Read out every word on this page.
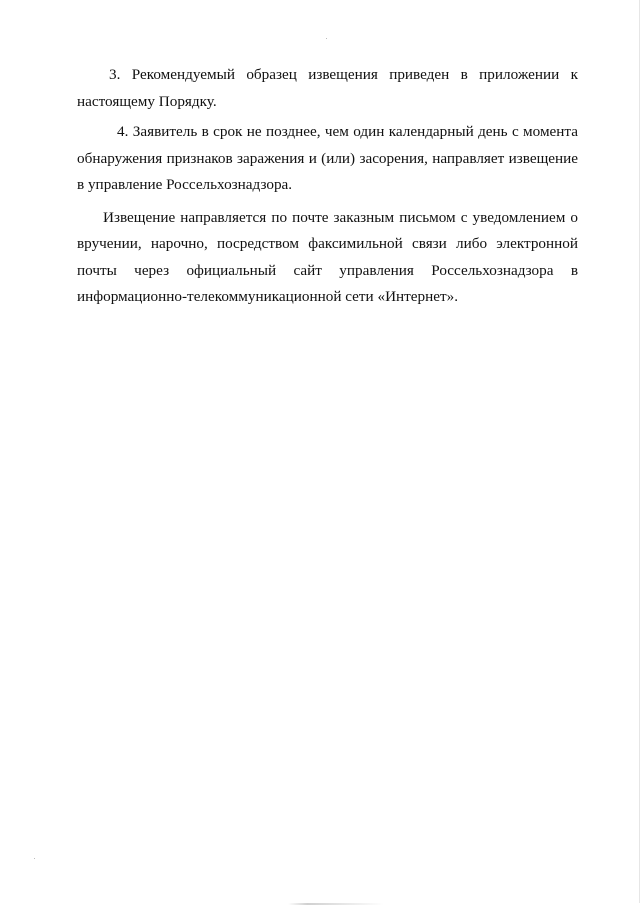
3. Рекомендуемый образец извещения приведен в приложении к настоящему Порядку.

4. Заявитель в срок не позднее, чем один календарный день с момента обнаружения признаков заражения и (или) засорения, направляет извещение в управление Россельхознадзора.

Извещение направляется по почте заказным письмом с уведомлением о вручении, нарочно, посредством факсимильной связи либо электронной почты через официальный сайт управления Россельхознадзора в информационно-телекоммуникационной сети «Интернет».
